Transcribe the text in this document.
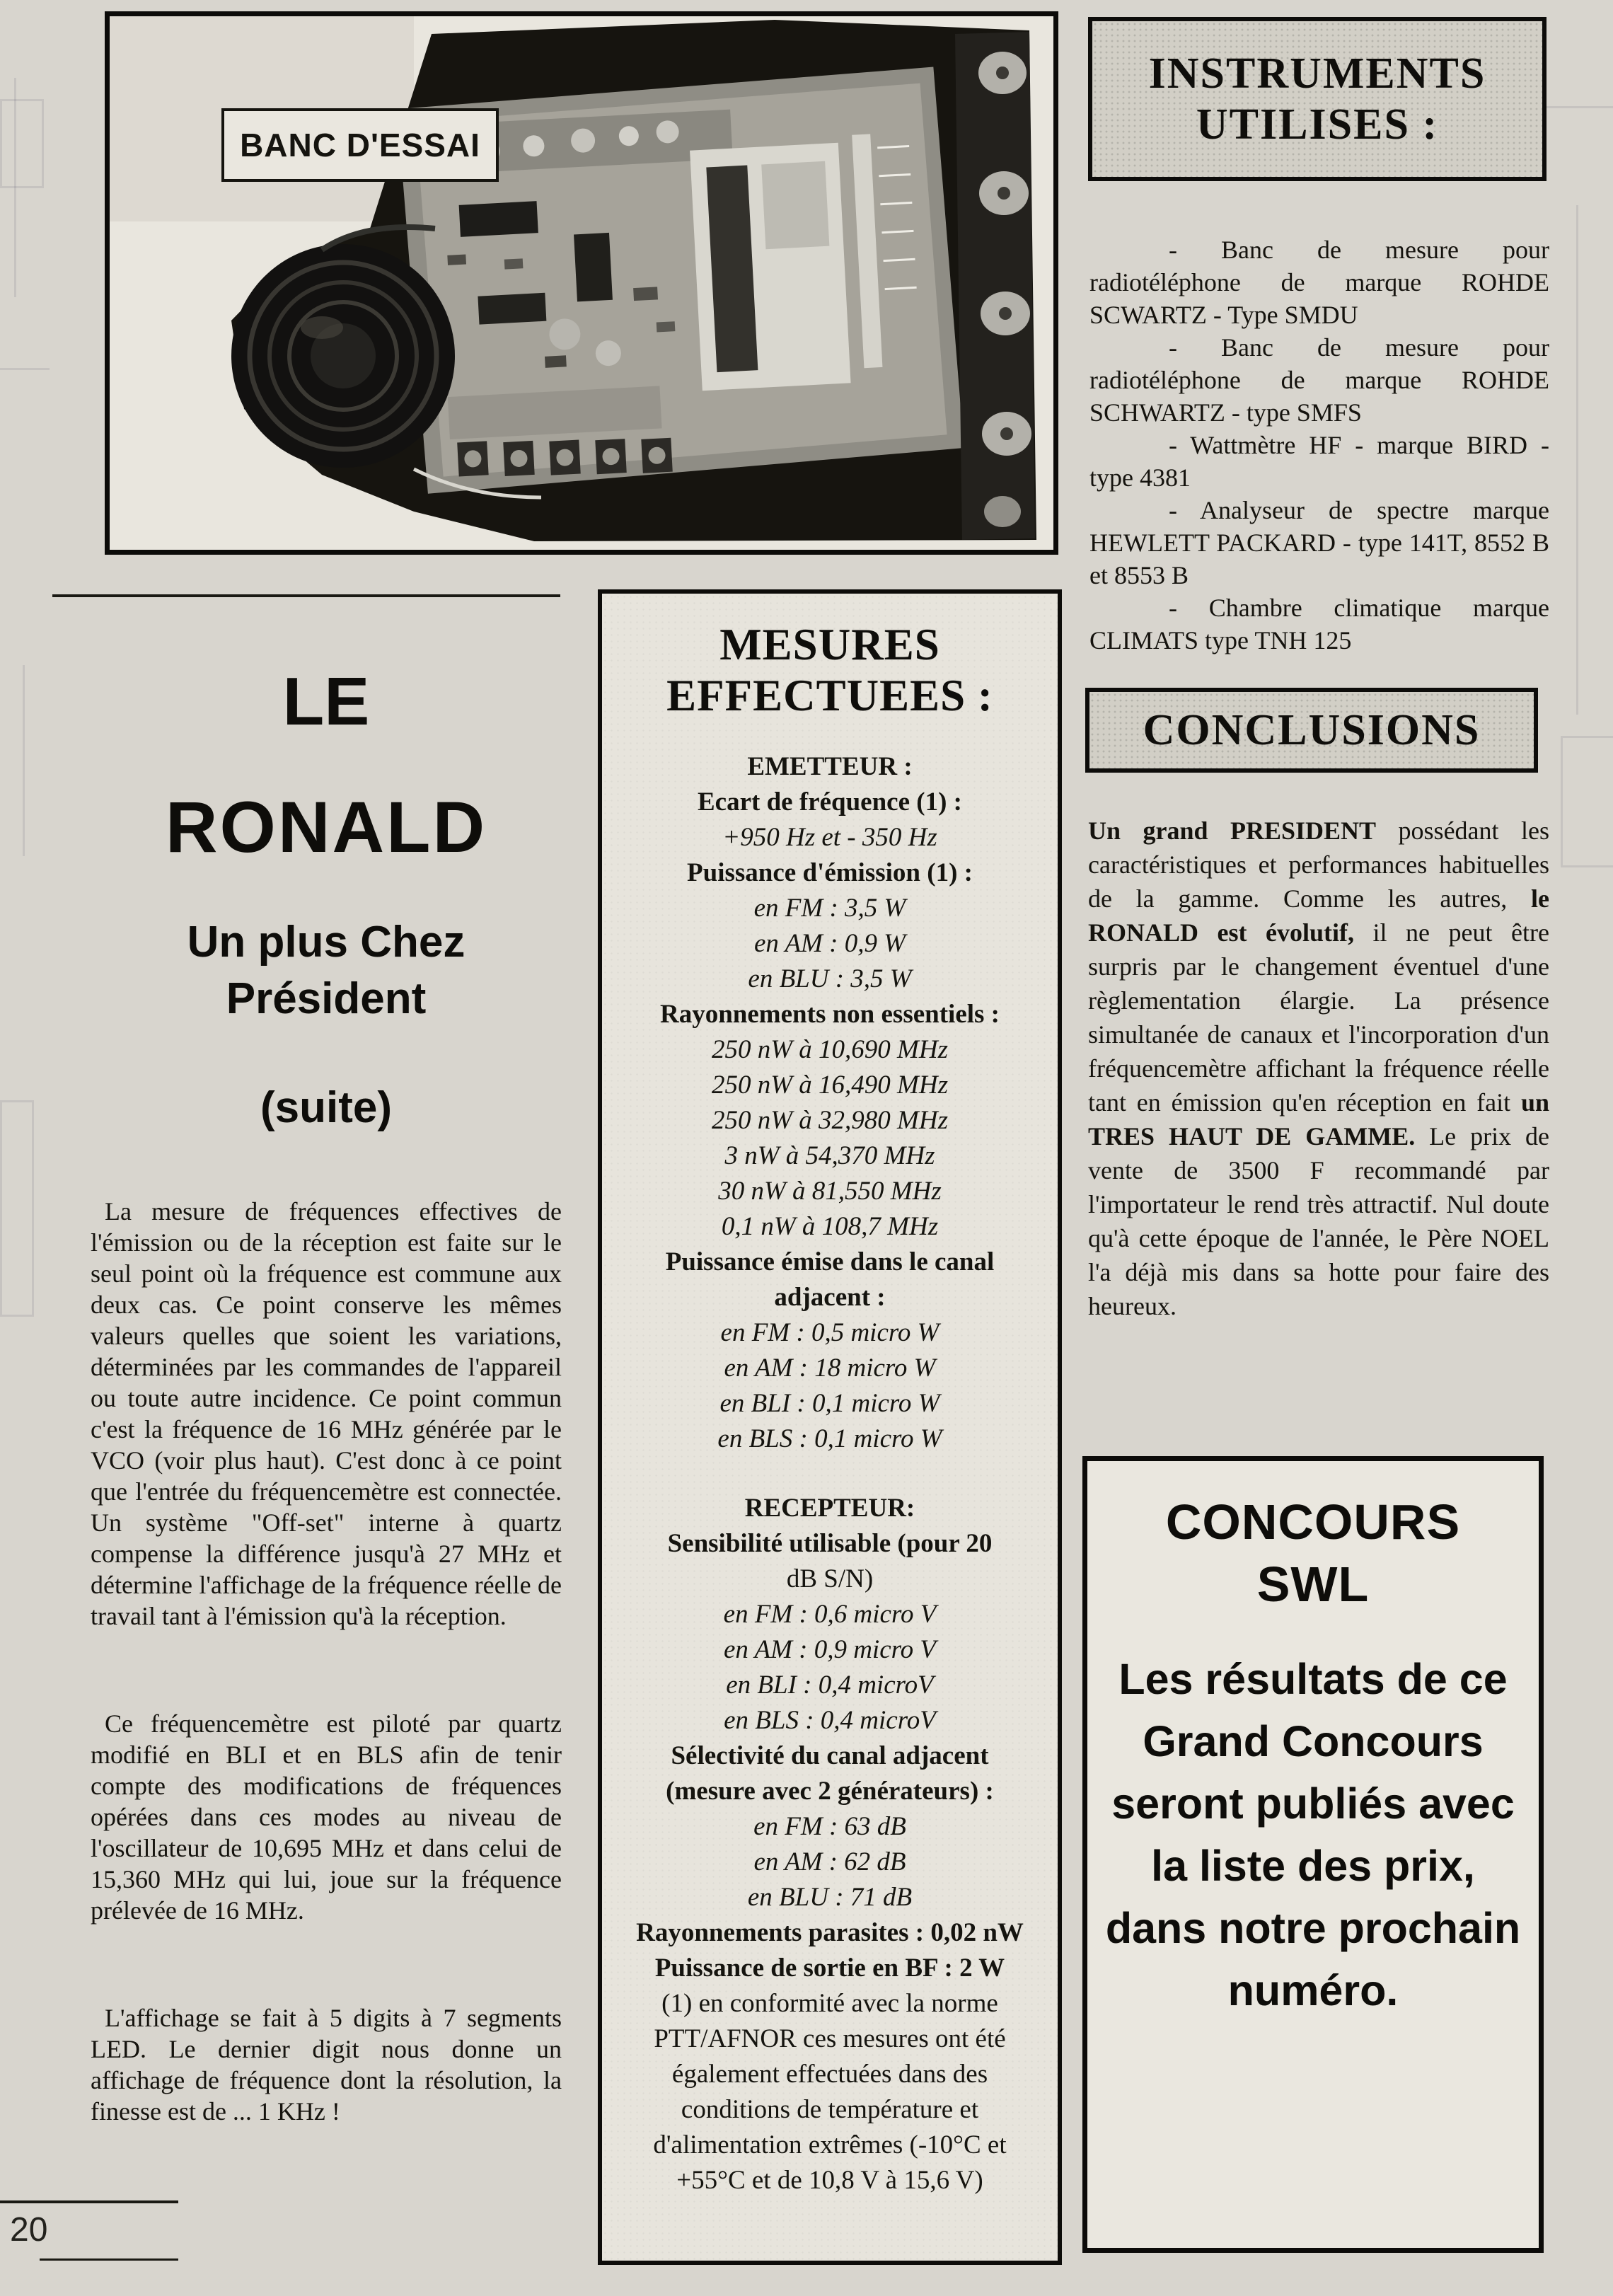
BANC D'ESSAI
INSTRUMENTS
UTILISES :

- Banc de mesure pour radiotéléphone de marque ROHDE SCWARTZ - Type SMDU

- Banc de mesure pour radiotéléphone de marque ROHDE SCHWARTZ - type SMFS

- Wattmètre HF - marque BIRD - type 4381

- Analyseur de spectre marque HEWLETT PACKARD - type 141T, 8552 B et 8553 B

- Chambre climatique marque CLIMATS type TNH 125

CONCLUSIONS

Un grand PRESIDENT possédant les caractéristiques et performances habituelles de la gamme. Comme les autres, le RONALD est évolutif, il ne peut être surpris par le changement éventuel d'une règlementation élargie. La présence simultanée de canaux et l'incorporation d'un fréquencemètre affichant la fréquence réelle tant en émission qu'en réception en fait un TRES HAUT DE GAMME. Le prix de vente de 3500 F recommandé par l'importateur le rend très attractif. Nul doute qu'à cette époque de l'année, le Père NOEL l'a déjà mis dans sa hotte pour faire des heureux.

LE
RONALD
Un plus Chez Président
(suite)

La mesure de fréquences effectives de l'émission ou de la réception est faite sur le seul point où la fréquence est commune aux deux cas. Ce point conserve les mêmes valeurs quelles que soient les variations, déterminées par les commandes de l'appareil ou toute autre incidence. Ce point commun c'est la fréquence de 16 MHz générée par le VCO (voir plus haut). C'est donc à ce point que l'entrée du fréquencemètre est connectée. Un système "Off-set" interne à quartz compense la différence jusqu'à 27 MHz et détermine l'affichage de la fréquence réelle de travail tant à l'émission qu'à la réception.

Ce fréquencemètre est piloté par quartz modifié en BLI et en BLS afin de tenir compte des modifications de fréquences opérées dans ces modes au niveau de l'oscillateur de 10,695 MHz et dans celui de 15,360 MHz qui lui, joue sur la fréquence prélevée de 16 MHz.

L'affichage se fait à 5 digits à 7 segments LED. Le dernier digit nous donne un affichage de fréquence dont la résolution, la finesse est de ... 1 KHz !

MESURES
EFFECTUEES :
EMETTEUR :
Ecart de fréquence (1) :
+950 Hz et - 350 Hz
Puissance d'émission (1) :
en FM : 3,5 W
en AM : 0,9 W
en BLU : 3,5 W
Rayonnements non essentiels :
250 nW à 10,690 MHz
250 nW à 16,490 MHz
250 nW à 32,980 MHz
3 nW à 54,370 MHz
30 nW à 81,550 MHz
0,1 nW à 108,7 MHz
Puissance émise dans le canal
adjacent :
en FM : 0,5 micro W
en AM : 18 micro W
en BLI : 0,1 micro W
en BLS : 0,1 micro W
RECEPTEUR:
Sensibilité utilisable (pour 20
dB S/N)
en FM : 0,6 micro V
en AM : 0,9 micro V
en BLI : 0,4 microV
en BLS : 0,4 microV
Sélectivité du canal adjacent
(mesure avec 2 générateurs) :
en FM : 63 dB
en AM : 62 dB
en BLU : 71 dB
Rayonnements parasites : 0,02 nW
Puissance de sortie en BF : 2 W
(1) en conformité avec la norme
PTT/AFNOR ces mesures ont été
également effectuées dans des
conditions de température et
d'alimentation extrêmes (-10°C et
+55°C et de 10,8 V à 15,6 V)
CONCOURS
SWL
Les résultats de ce Grand Concours seront publiés avec la liste des prix, dans notre prochain numéro.
20
